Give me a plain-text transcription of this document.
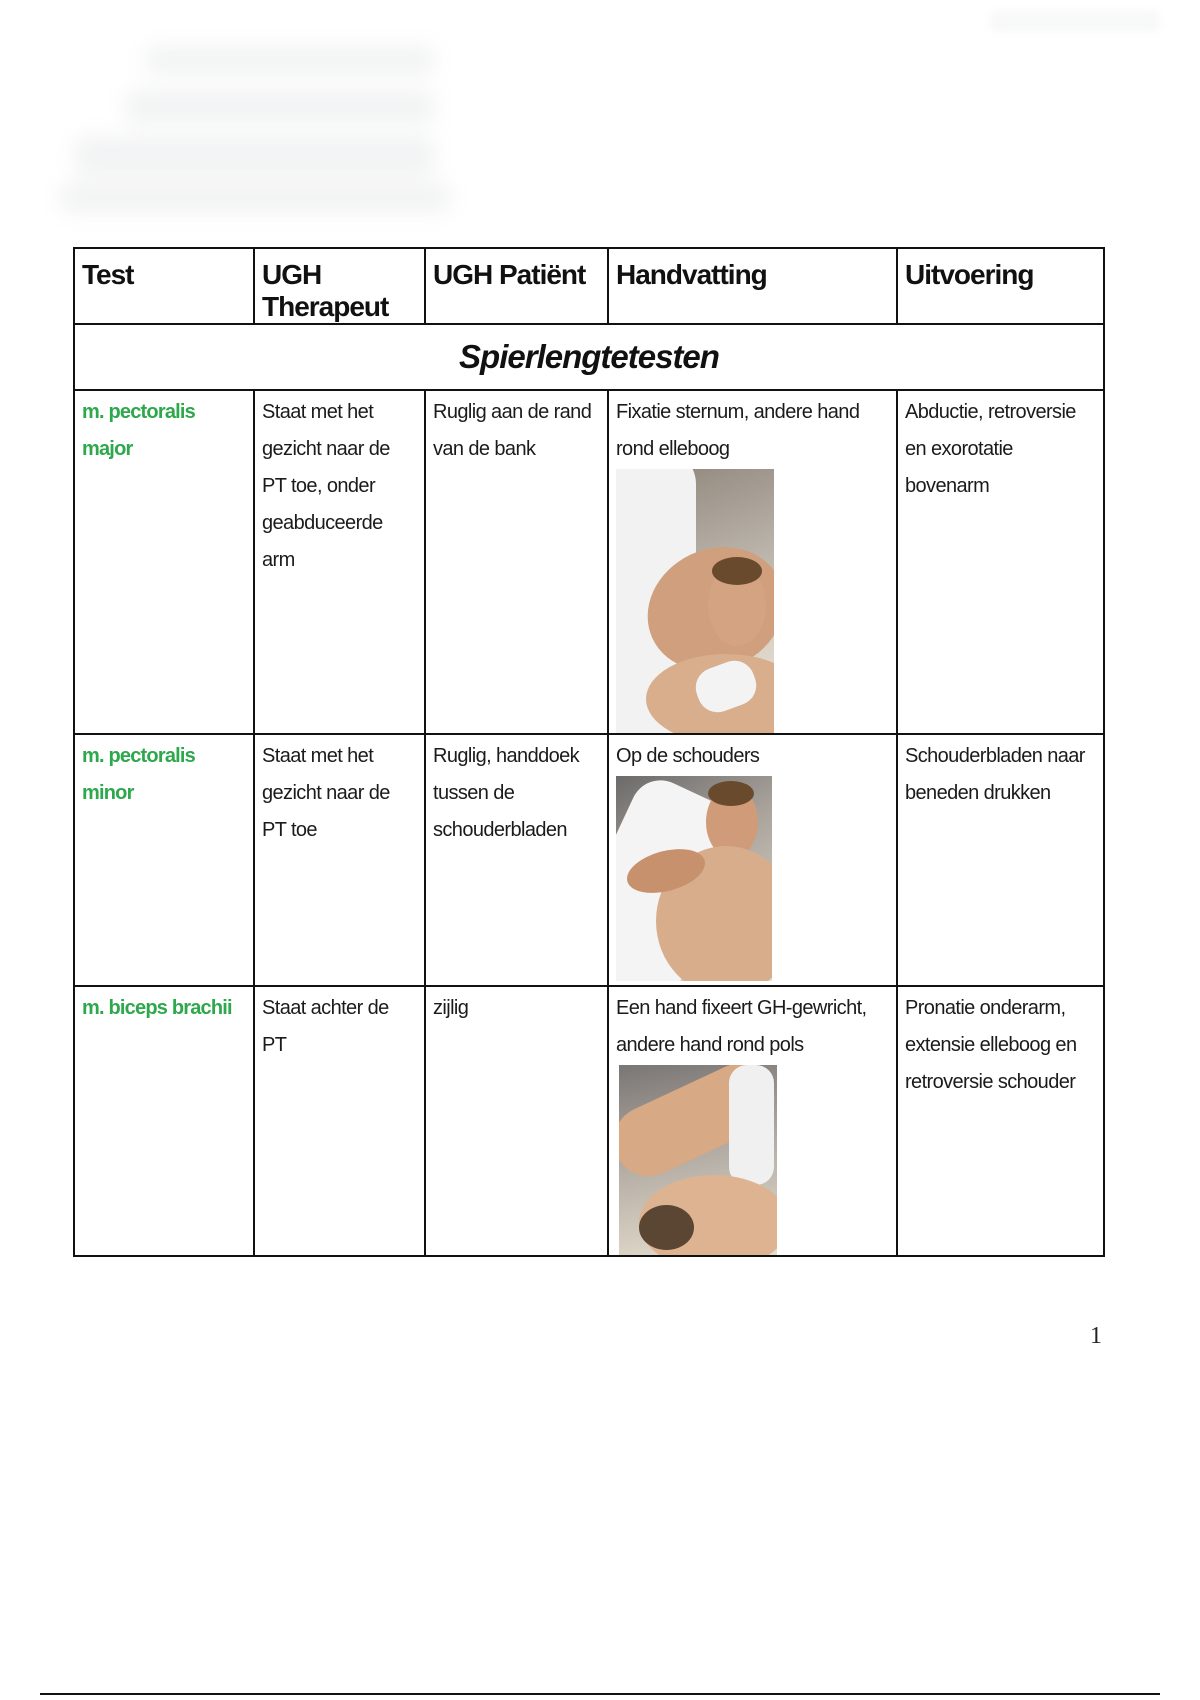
Test	UGH Therapeut	UGH Patiënt	Handvatting	Uitvoering
Spierlengtetesten				

m. pectoralis major	Staat met het gezicht naar de PT toe, onder geabduceerde arm	Ruglig aan de rand van de bank	Fixatie sternum, andere hand rond elleboog	Abductie, retroversie en exorotatie bovenarm

m. pectoralis minor	Staat met het gezicht naar de PT toe	Ruglig, handdoek tussen de schouderbladen	Op de schouders	Schouderbladen naar beneden drukken

m. biceps brachii	Staat achter de PT	zijlig	Een hand fixeert GH-gewricht, andere hand rond pols	Pronatie onderarm, extensie elleboog en retroversie schouder
1
